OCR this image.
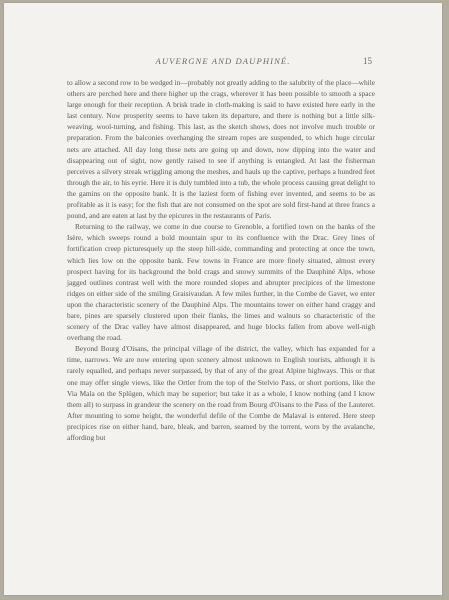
AUVERGNE AND DAUPHINÉ.	15

to allow a second row to be wedged in—probably not greatly adding to the salubrity of the place—while others are perched here and there higher up the crags, wherever it has been possible to smooth a space large enough for their reception. A brisk trade in cloth-making is said to have existed here early in the last century. Now prosperity seems to have taken its departure, and there is nothing but a little silk-weaving, wool-turning, and fishing. This last, as the sketch shows, does not involve much trouble or preparation. From the balconies overhanging the stream ropes are suspended, to which huge circular nets are attached. All day long these nets are going up and down, now dipping into the water and disappearing out of sight, now gently raised to see if anything is entangled. At last the fisherman perceives a silvery streak wriggling among the meshes, and hauls up the captive, perhaps a hundred feet through the air, to his eyrie. Here it is duly tumbled into a tub, the whole process causing great delight to the gamins on the opposite bank. It is the laziest form of fishing ever invented, and seems to be as profitable as it is easy; for the fish that are not consumed on the spot are sold first-hand at three francs a pound, and are eaten at last by the epicures in the restaurants of Paris.

Returning to the railway, we come in due course to Grenoble, a fortified town on the banks of the Isère, which sweeps round a bold mountain spur to its confluence with the Drac. Grey lines of fortification creep picturesquely up the steep hill-side, commanding and protecting at once the town, which lies low on the opposite bank. Few towns in France are more finely situated, almost every prospect having for its background the bold crags and snowy summits of the Dauphiné Alps, whose jagged outlines contrast well with the more rounded slopes and abrupter precipices of the limestone ridges on either side of the smiling Graisivaudan. A few miles further, in the Combe de Gavet, we enter upon the characteristic scenery of the Dauphiné Alps. The mountains tower on either hand craggy and bare, pines are sparsely clustered upon their flanks, the limes and walnuts so characteristic of the scenery of the Drac valley have almost disappeared, and huge blocks fallen from above well-nigh overhang the road.

Beyond Bourg d'Oisans, the principal village of the district, the valley, which has expanded for a time, narrows. We are now entering upon scenery almost unknown to English tourists, although it is rarely equalled, and perhaps never surpassed, by that of any of the great Alpine highways. This or that one may offer single views, like the Ortler from the top of the Stelvio Pass, or short portions, like the Via Mala on the Splügen, which may be superior; but take it as a whole, I know nothing (and I know them all) to surpass in grandeur the scenery on the road from Bourg d'Oisans to the Pass of the Lauteret. After mounting to some height, the wonderful defile of the Combe de Malaval is entered. Here steep precipices rise on either hand, bare, bleak, and barren, seamed by the torrent, worn by the avalanche, affording but
